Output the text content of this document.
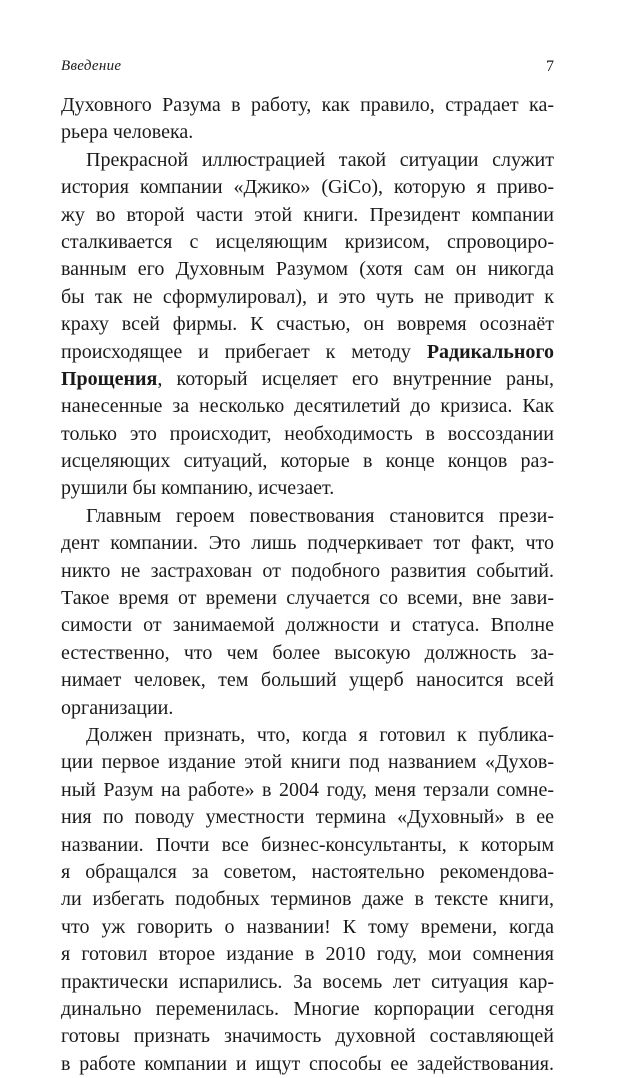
Введение	7
Духовного Разума в работу, как правило, страдает ка-
рьера человека.
Прекрасной иллюстрацией такой ситуации служит
история компании «Джико» (GiCo), которую я приво-
жу во второй части этой книги. Президент компании
сталкивается с исцеляющим кризисом, спровоциро-
ванным его Духовным Разумом (хотя сам он никогда
бы так не сформулировал), и это чуть не приводит к
краху всей фирмы. К счастью, он вовремя осознаёт
происходящее и прибегает к методу Радикального
Прощения, который исцеляет его внутренние раны,
нанесенные за несколько десятилетий до кризиса. Как
только это происходит, необходимость в воссоздании
исцеляющих ситуаций, которые в конце концов раз-
рушили бы компанию, исчезает.
Главным героем повествования становится прези-
дент компании. Это лишь подчеркивает тот факт, что
никто не застрахован от подобного развития событий.
Такое время от времени случается со всеми, вне зави-
симости от занимаемой должности и статуса. Вполне
естественно, что чем более высокую должность за-
нимает человек, тем больший ущерб наносится всей
организации.
Должен признать, что, когда я готовил к публика-
ции первое издание этой книги под названием «Духов-
ный Разум на работе» в 2004 году, меня терзали сомне-
ния по поводу уместности термина «Духовный» в ее
названии. Почти все бизнес-консультанты, к которым
я обращался за советом, настоятельно рекомендова-
ли избегать подобных терминов даже в тексте книги,
что уж говорить о названии! К тому времени, когда
я готовил второе издание в 2010 году, мои сомнения
практически испарились. За восемь лет ситуация кар-
динально переменилась. Многие корпорации сегодня
готовы признать значимость духовной составляющей
в работе компании и ищут способы ее задействования.
